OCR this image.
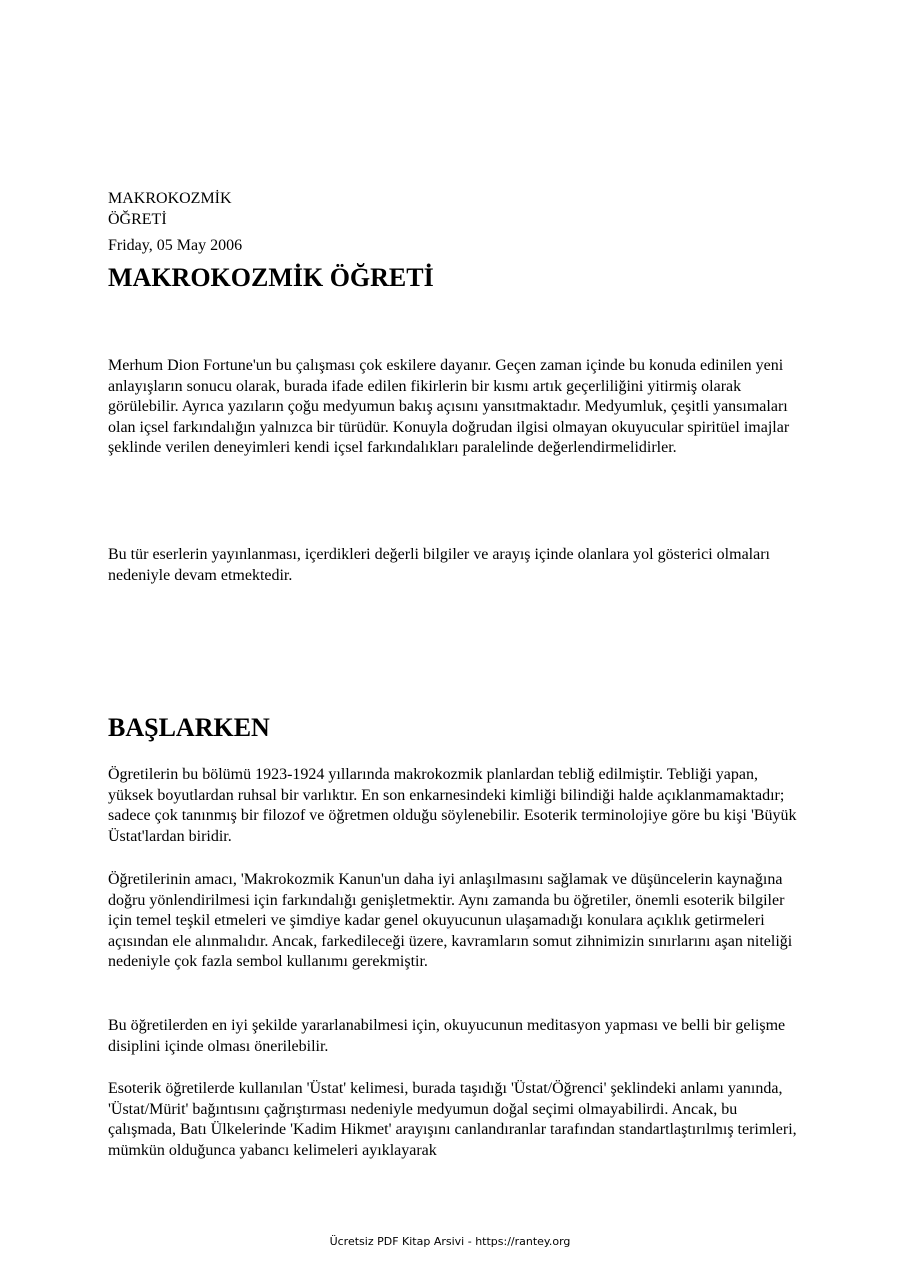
MAKROKOZMİK
ÖĞRETİ
Friday, 05 May 2006
MAKROKOZMİK ÖĞRETİ

Merhum Dion Fortune'un bu çalışması çok eskilere dayanır. Geçen zaman içinde bu konuda edinilen yeni anlayışların sonucu olarak, burada ifade edilen fikirlerin bir kısmı artık geçerliliğini yitirmiş olarak görülebilir. Ayrıca yazıların çoğu medyumun bakış açısını yansıtmaktadır. Medyumluk, çeşitli yansımaları olan içsel farkındalığın yalnızca bir türüdür. Konuyla doğrudan ilgisi olmayan okuyucular spiritüel imajlar şeklinde verilen deneyimleri kendi içsel farkındalıkları paralelinde değerlendirmelidirler.

Bu tür eserlerin yayınlanması, içerdikleri değerli bilgiler ve arayış içinde olanlara yol gösterici olmaları nedeniyle devam etmektedir.

BAŞLARKEN

Ögretilerin bu bölümü 1923-1924 yıllarında makrokozmik planlardan tebliğ edilmiştir. Tebliği yapan, yüksek boyutlardan ruhsal bir varlıktır. En son enkarnesindeki kimliği bilindiği halde açıklanmamaktadır; sadece çok tanınmış bir filozof ve öğretmen olduğu söylenebilir. Esoterik terminolojiye göre bu kişi 'Büyük Üstat'lardan biridir.

Öğretilerinin amacı, 'Makrokozmik Kanun'un daha iyi anlaşılmasını sağlamak ve düşüncelerin kaynağına doğru yönlendirilmesi için farkındalığı genişletmektir. Aynı zamanda bu öğretiler, önemli esoterik bilgiler için temel teşkil etmeleri ve şimdiye kadar genel okuyucunun ulaşamadığı konulara açıklık getirmeleri açısından ele alınmalıdır. Ancak, farkedileceği üzere, kavramların somut zihnimizin sınırlarını aşan niteliği nedeniyle çok fazla sembol kullanımı gerekmiştir.

Bu öğretilerden en iyi şekilde yararlanabilmesi için, okuyucunun meditasyon yapması ve belli bir gelişme disiplini içinde olması önerilebilir.

Esoterik öğretilerde kullanılan 'Üstat' kelimesi, burada taşıdığı 'Üstat/Öğrenci' şeklindeki anlamı yanında, 'Üstat/Mürit' bağıntısını çağrıştırması nedeniyle medyumun doğal seçimi olmayabilirdi. Ancak, bu çalışmada, Batı Ülkelerinde 'Kadim Hikmet' arayışını canlandıranlar tarafından standartlaştırılmış terimleri, mümkün olduğunca yabancı kelimeleri ayıklayarak

Ücretsiz PDF Kitap Arsivi - https://rantey.org
